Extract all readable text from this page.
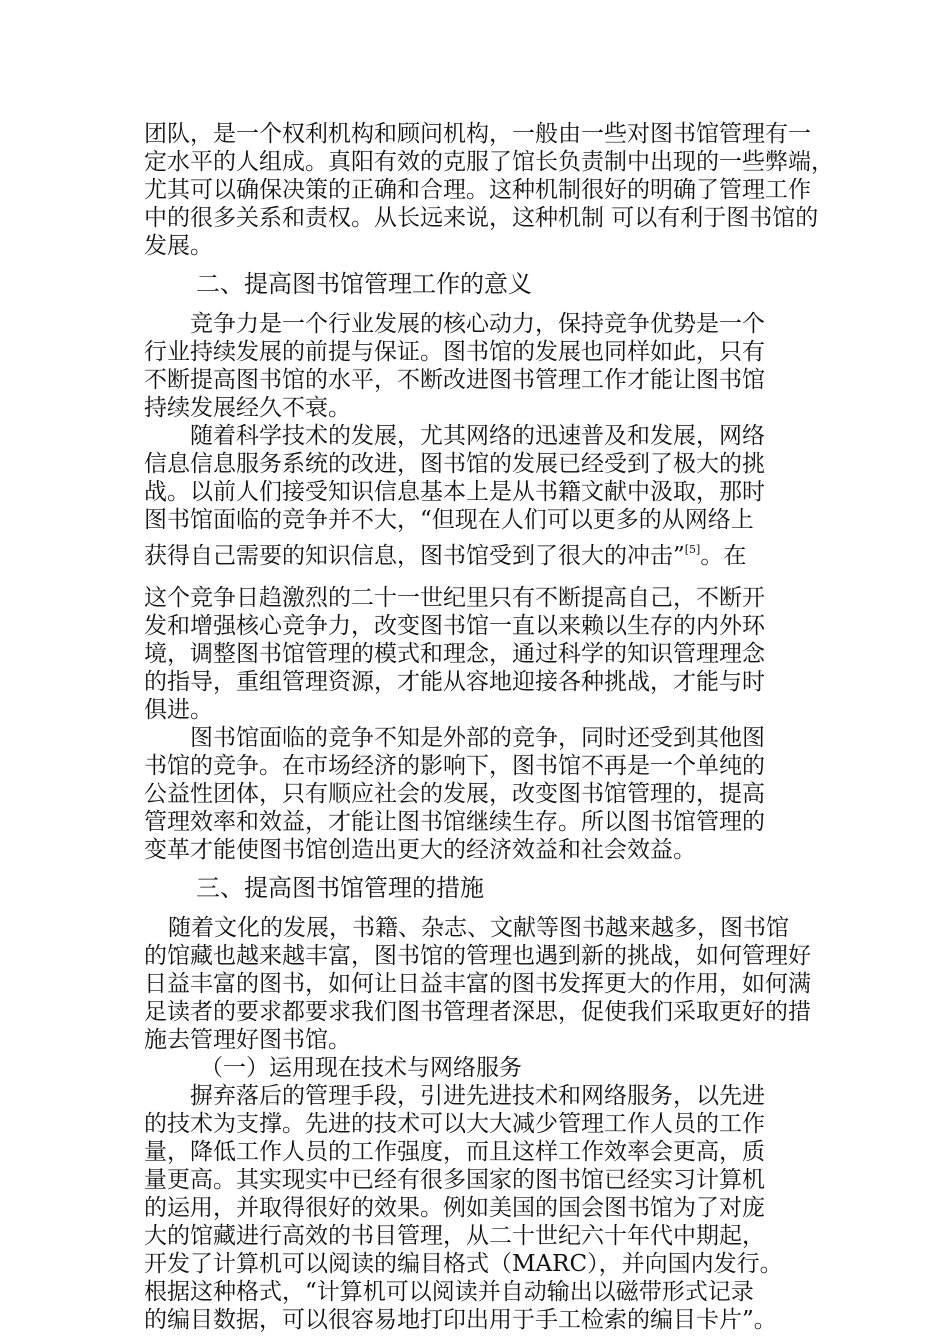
团队，是一个权利机构和顾问机构，一般由一些对图书馆管理有一
定水平的人组成。真阳有效的克服了馆长负责制中出现的一些弊端，
尤其可以确保决策的正确和合理。这种机制很好的明确了管理工作
中的很多关系和责权。从长远来说，这种机制 可以有利于图书馆的
发展。
二、提高图书馆管理工作的意义
竞争力是一个行业发展的核心动力，保持竞争优势是一个
行业持续发展的前提与保证。图书馆的发展也同样如此，只有
不断提高图书馆的水平，不断改进图书管理工作才能让图书馆
持续发展经久不衰。
随着科学技术的发展，尤其网络的迅速普及和发展，网络
信息信息服务系统的改进，图书馆的发展已经受到了极大的挑
战。以前人们接受知识信息基本上是从书籍文献中汲取，那时
图书馆面临的竞争并不大，“但现在人们可以更多的从网络上
获得自己需要的知识信息，图书馆受到了很大的冲击”[5]。在
这个竞争日趋激烈的二十一世纪里只有不断提高自己，不断开
发和增强核心竞争力，改变图书馆一直以来赖以生存的内外环
境，调整图书馆管理的模式和理念，通过科学的知识管理理念
的指导，重组管理资源，才能从容地迎接各种挑战，才能与时
俱进。
图书馆面临的竞争不知是外部的竞争，同时还受到其他图
书馆的竞争。在市场经济的影响下，图书馆不再是一个单纯的
公益性团体，只有顺应社会的发展，改变图书馆管理的，提高
管理效率和效益，才能让图书馆继续生存。所以图书馆管理的
变革才能使图书馆创造出更大的经济效益和社会效益。
三、提高图书馆管理的措施
随着文化的发展，书籍、杂志、文献等图书越来越多，图书馆
的馆藏也越来越丰富，图书馆的管理也遇到新的挑战，如何管理好
日益丰富的图书，如何让日益丰富的图书发挥更大的作用，如何满
足读者的要求都要求我们图书管理者深思，促使我们采取更好的措
施去管理好图书馆。
（一）运用现在技术与网络服务
摒弃落后的管理手段，引进先进技术和网络服务，以先进
的技术为支撑。先进的技术可以大大减少管理工作人员的工作
量，降低工作人员的工作强度，而且这样工作效率会更高，质
量更高。其实现实中已经有很多国家的图书馆已经实习计算机
的运用，并取得很好的效果。例如美国的国会图书馆为了对庞
大的馆藏进行高效的书目管理，从二十世纪六十年代中期起，
开发了计算机可以阅读的编目格式（MARC），并向国内发行。
根据这种格式，“计算机可以阅读并自动输出以磁带形式记录
的编目数据，可以很容易地打印出用于手工检索的编目卡片”。
